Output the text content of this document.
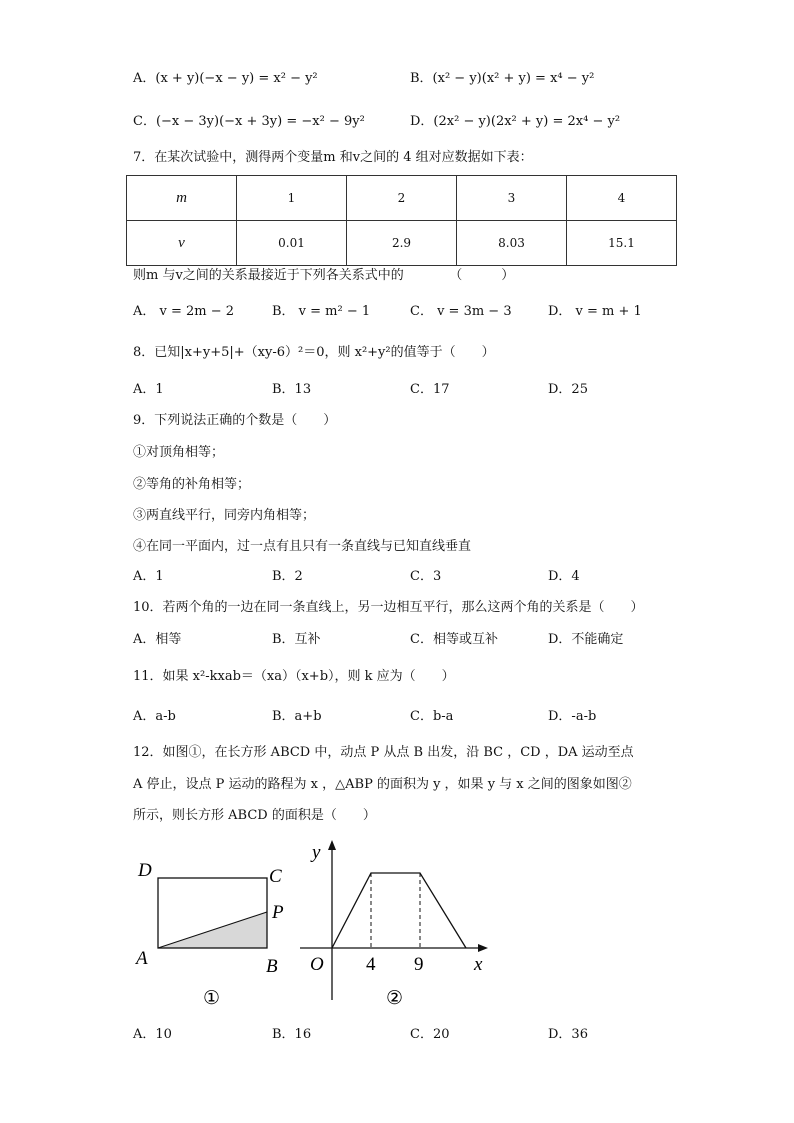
A．(x + y)(−x − y) = x² − y²	B．(x² − y)(x² + y) = x⁴ − y²
C．(−x − 3y)(−x + 3y) = −x² − 9y²	D．(2x² − y)(2x² + y) = 2x⁴ − y²
7．在某次试验中，测得两个变量m 和v之间的 4 组对应数据如下表：
m	1	2	3	4
v	0.01	2.9	8.03	15.1
则m 与v之间的关系最接近于下列各关系式中的　　　　（　　　）
A． v = 2m − 2	B． v = m² − 1	C． v = 3m − 3	D． v = m + 1
8．已知|x+y+5|+（xy-6）²＝0，则 x²+y²的值等于（　　）
A．1	B．13	C．17	D．25
9．下列说法正确的个数是（　　）
①对顶角相等；
②等角的补角相等；
③两直线平行，同旁内角相等；
④在同一平面内，过一点有且只有一条直线与已知直线垂直
A．1	B．2	C．3	D．4
10．若两个角的一边在同一条直线上，另一边相互平行，那么这两个角的关系是（　　）
A．相等	B．互补	C．相等或互补	D．不能确定
11．如果 x²-kxab＝（xa）（x+b），则 k 应为（　　）
A．a-b	B．a+b	C．b-a	D．-a-b
12．如图①，在长方形 ABCD 中，动点 P 从点 B 出发，沿 BC ，CD ，DA 运动至点
A 停止，设点 P 运动的路程为 x ，△ABP 的面积为 y ，如果 y 与 x 之间的图象如图②
所示，则长方形 ABCD 的面积是（　　）
D	C
P
A	B
①
y
O 4 9	x
②
A．10	B．16	C．20	D．36
